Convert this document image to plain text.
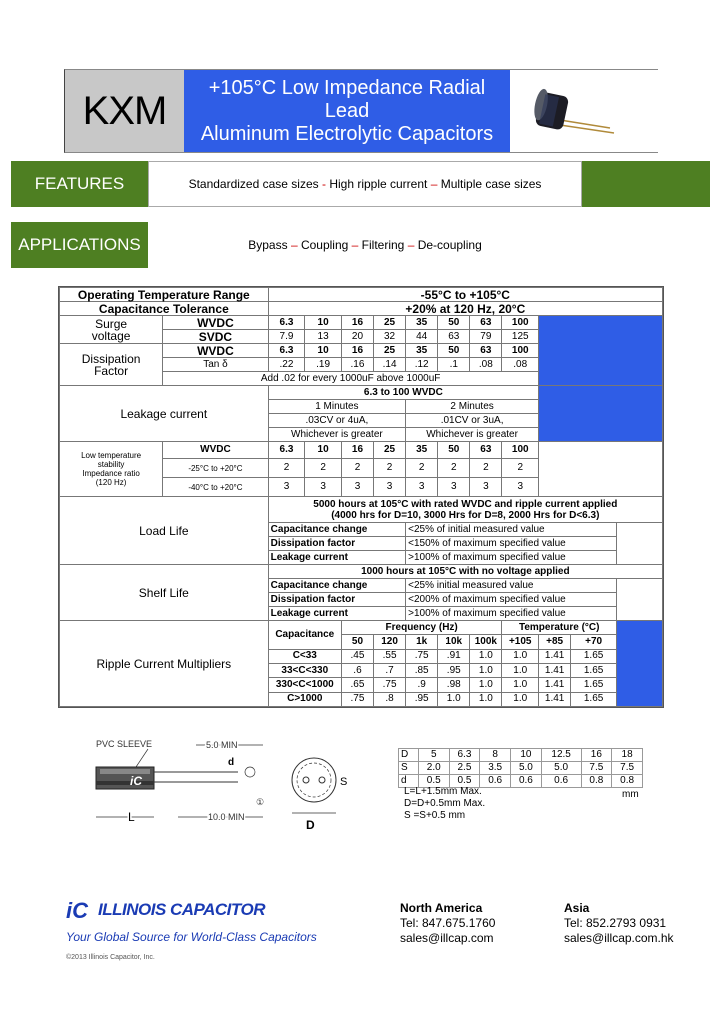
KXM
+105°C Low Impedance Radial Lead
Aluminum Electrolytic Capacitors
FEATURES	Standardized case sizes - High ripple current – Multiple case sizes
APPLICATIONS	Bypass – Coupling – Filtering – De-coupling
Operating Temperature Range		-55°C to +105°C										
Capacitance Tolerance		+20% at 120 Hz, 20°C										
Surge
voltage	WVDC	6.3	10	16	25	35	50	63	100			
	SVDC	7.9	13	20	32	44	63	79	125			
Dissipation
Factor	WVDC	6.3	10	16	25	35	50	63	100			
	Tan δ	.22	.19	.16	.14	.12	.1	.08	.08			
	Add .02 for every 1000uF above 1000uF											
Leakage current		6.3 to 100 WVDC										
		1 Minutes				2 Minutes						
		.03CV or 4uA,				.01CV or 3uA,						
		Whichever is greater				Whichever is greater						
Low temperature
stability
Impedance ratio
(120 Hz)	WVDC	6.3	10	16	25	35	50	63	100			
	-25°C to +20°C	2	2	2	2	2	2	2	2			
	-40°C to +20°C	3	3	3	3	3	3	3	3			
Load Life		5000 hours at 105°C with rated WVDC and ripple current applied
(4000 hrs for D=10, 3000 Hrs for D=8, 2000 Hrs for D<6.3)										
		Capacitance change				<25% of initial measured value						
		Dissipation factor				<150% of maximum specified value						
		Leakage current				>100% of maximum specified value						
Shelf Life		1000 hours at 105°C with no voltage applied										
		Capacitance change				<25% initial measured value						
		Dissipation factor				<200% of maximum specified value						
		Leakage current				>100% of maximum specified value						
Ripple Current Multipliers		Capacitance		Frequency (Hz)					Temperature (°C)			
				50	120	1k	10k	100k	+105	+85	+70	
		C<33		.45	.55	.75	.91	1.0	1.0	1.41	1.65	
		33<C<330		.6	.7	.85	.95	1.0	1.0	1.41	1.65	
		330<C<1000		.65	.75	.9	.98	1.0	1.0	1.41	1.65	
		C>1000		.75	.8	.95	1.0	1.0	1.0	1.41	1.65	
PVC SLEEVE	5.0 MIN
d
iC
①
L	10.0 MIN
S
D
D	5	6.3	8	10	12.5	16	18
S	2.0	2.5	3.5	5.0	5.0	7.5	7.5
d	0.5	0.5	0.6	0.6	0.6	0.8	0.8
mm
L=L+1.5mm Max.
D=D+0.5mm Max.
S =S+0.5 mm
iC ILLINOIS CAPACITOR
Your Global Source for World-Class Capacitors
©2013 Illinois Capacitor, Inc.
North America
Tel: 847.675.1760
sales@illcap.com
Asia
Tel: 852.2793 0931
sales@illcap.com.hk
